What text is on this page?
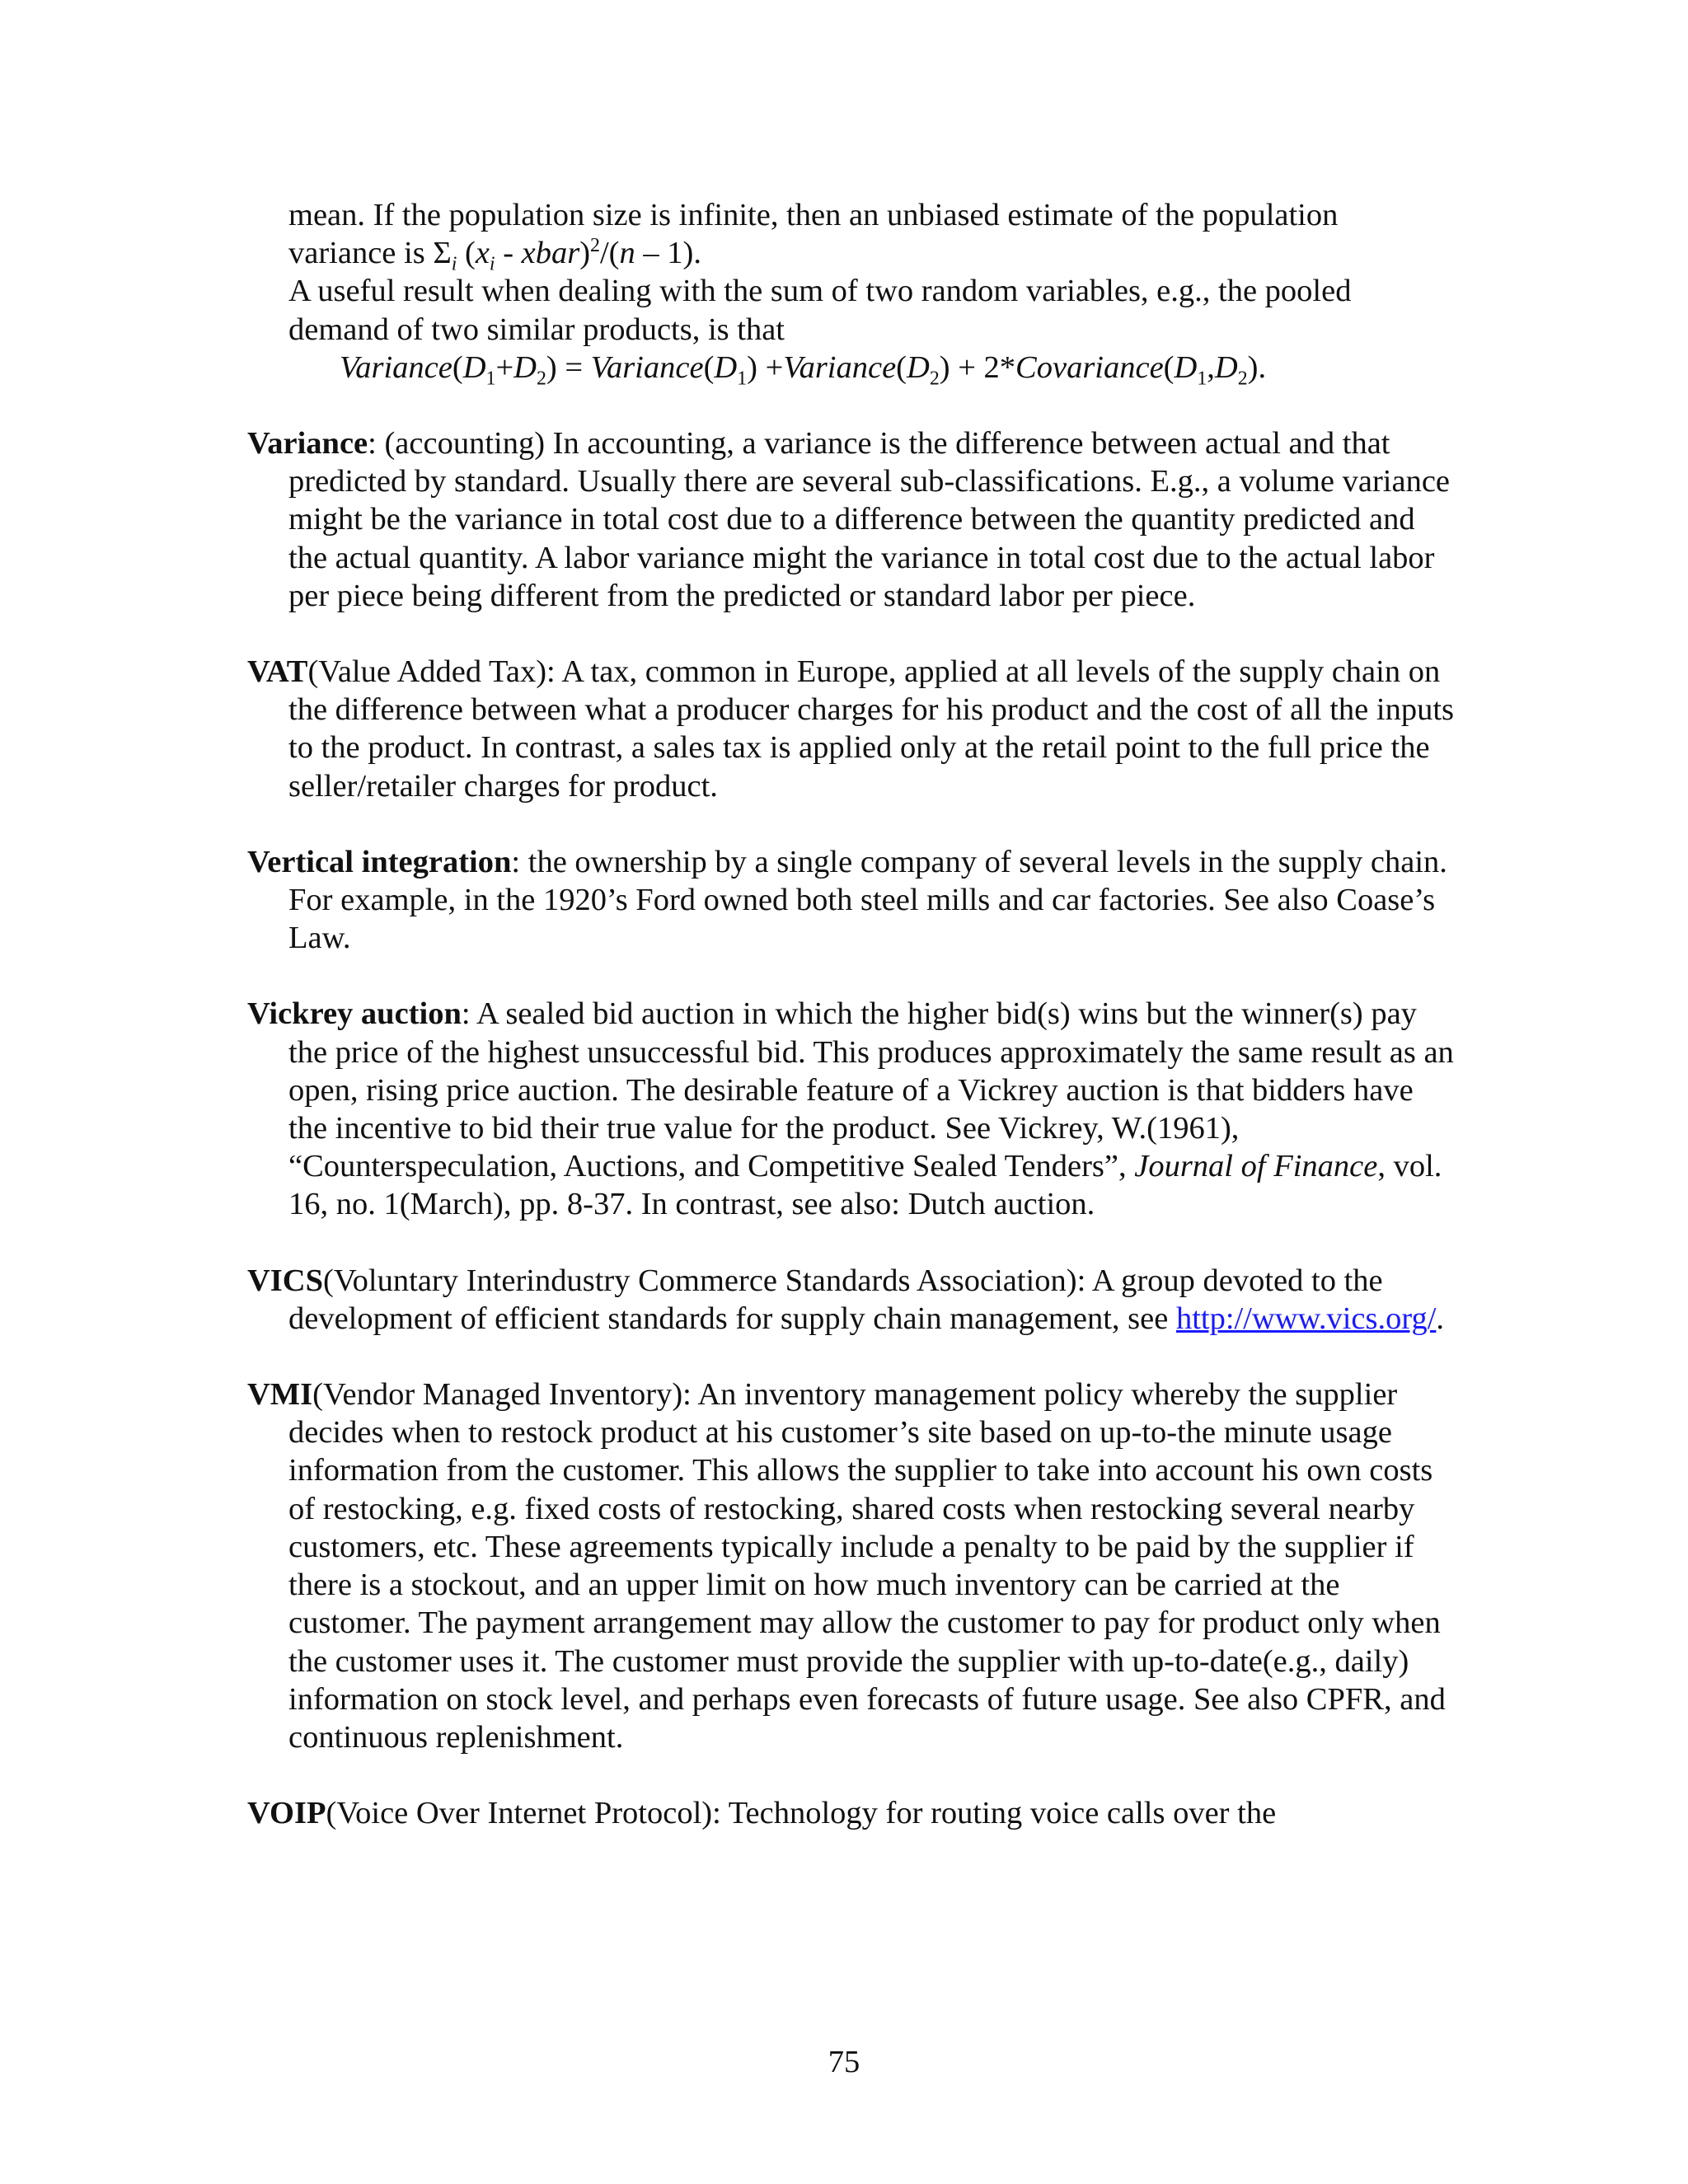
mean. If the population size is infinite, then an unbiased estimate of the population
variance is $\Sigma_i$ ($x_i$ - xbar)$^2$/(n – 1).
A useful result when dealing with the sum of two random variables, e.g., the pooled demand of two similar products, is that
$Variance(D_1+D_2)$ = $Variance(D_1)$ $+Variance(D_2)$ + $2*Covariance(D_1,D_2)$.
Variance: (accounting) In accounting, a variance is the difference between actual and that predicted by standard. Usually there are several sub-classifications. E.g., a volume variance might be the variance in total cost due to a difference between the quantity predicted and the actual quantity. A labor variance might the variance in total cost due to the actual labor per piece being different from the predicted or standard labor per piece.
VAT(Value Added Tax): A tax, common in Europe, applied at all levels of the supply chain on the difference between what a producer charges for his product and the cost of all the inputs to the product. In contrast, a sales tax is applied only at the retail point to the full price the seller/retailer charges for product.
Vertical integration: the ownership by a single company of several levels in the supply chain. For example, in the 1920’s Ford owned both steel mills and car factories. See also Coase’s Law.
Vickrey auction: A sealed bid auction in which the higher bid(s) wins but the winner(s) pay the price of the highest unsuccessful bid. This produces approximately the same result as an open, rising price auction. The desirable feature of a Vickrey auction is that bidders have the incentive to bid their true value for the product. See Vickrey, W.(1961), “Counterspeculation, Auctions, and Competitive Sealed Tenders”, Journal of Finance, vol. 16, no. 1(March), pp. 8-37. In contrast, see also: Dutch auction.
VICS(Voluntary Interindustry Commerce Standards Association): A group devoted to the development of efficient standards for supply chain management, see http://www.vics.org/.
VMI(Vendor Managed Inventory): An inventory management policy whereby the supplier decides when to restock product at his customer’s site based on up-to-the minute usage information from the customer. This allows the supplier to take into account his own costs of restocking, e.g. fixed costs of restocking, shared costs when restocking several nearby customers, etc. These agreements typically include a penalty to be paid by the supplier if there is a stockout, and an upper limit on how much inventory can be carried at the customer. The payment arrangement may allow the customer to pay for product only when the customer uses it. The customer must provide the supplier with up-to-date(e.g., daily) information on stock level, and perhaps even forecasts of future usage. See also CPFR, and continuous replenishment.
VOIP(Voice Over Internet Protocol): Technology for routing voice calls over the
75
